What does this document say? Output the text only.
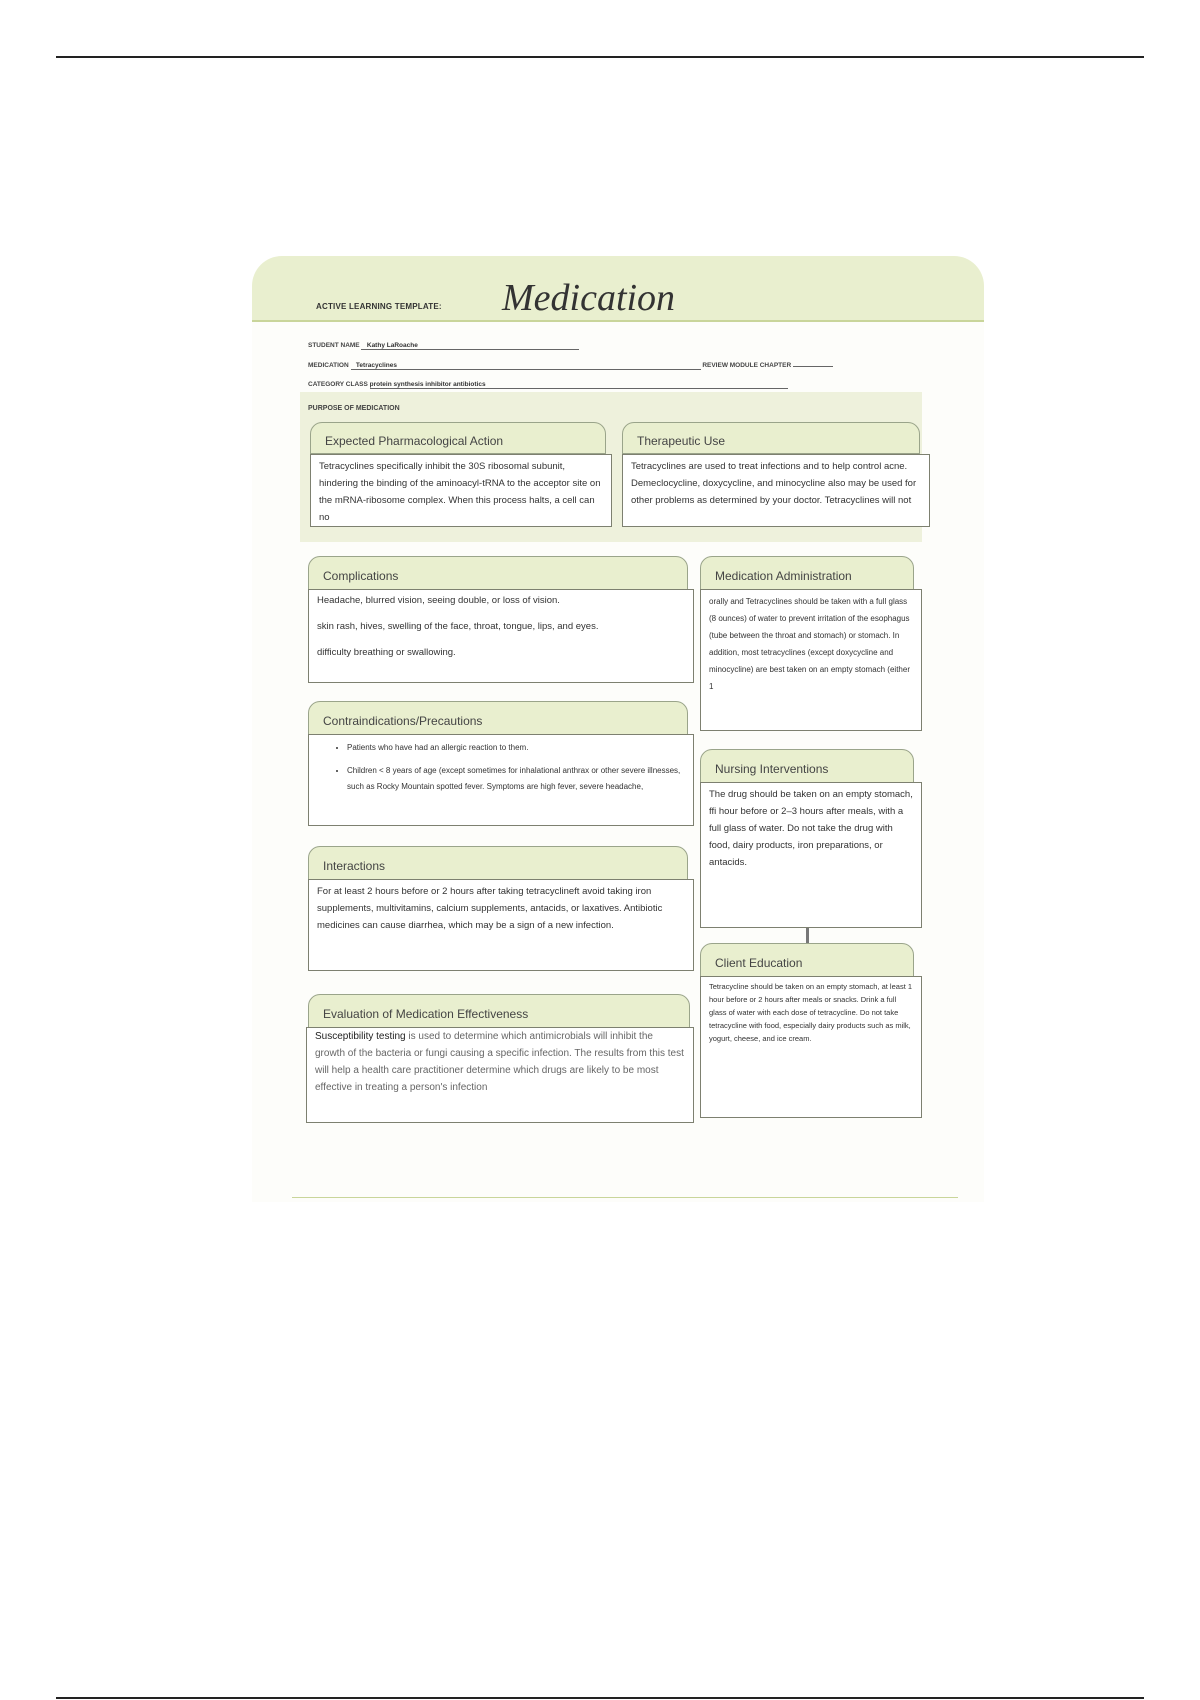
ACTIVE LEARNING TEMPLATE: Medication
STUDENT NAME Kathy LaRoache
MEDICATION Tetracyclines	REVIEW MODULE CHAPTER
CATEGORY CLASS protein synthesis inhibitor antibiotics
PURPOSE OF MEDICATION
Expected Pharmacological Action
Tetracyclines specifically inhibit the 30S ribosomal subunit, hindering the binding of the aminoacyl-tRNA to the acceptor site on the mRNA-ribosome complex. When this process halts, a cell can no
Therapeutic Use
Tetracyclines are used to treat infections and to help control acne. Demeclocycline, doxycycline, and minocycline also may be used for other problems as determined by your doctor. Tetracyclines will not
Complications

Headache, blurred vision, seeing double, or loss of vision.

skin rash, hives, swelling of the face, throat, tongue, lips, and eyes.

difficulty breathing or swallowing.

Medication Administration
orally and Tetracyclines should be taken with a full glass (8 ounces) of water to prevent irritation of the esophagus (tube between the throat and stomach) or stomach. In addition, most tetracyclines (except doxycycline and minocycline) are best taken on an empty stomach (either 1
Contraindications/Precautions
• Patients who have had an allergic reaction to them.
• Children < 8 years of age (except sometimes for inhalational anthrax or other severe illnesses, such as Rocky Mountain spotted fever. Symptoms are high fever, severe headache,
Nursing Interventions
The drug should be taken on an empty stomach, ffi hour before or 2–3 hours after meals, with a full glass of water. Do not take the drug with food, dairy products, iron preparations, or antacids.
Interactions
For at least 2 hours before or 2 hours after taking tetracyclineft avoid taking iron supplements, multivitamins, calcium supplements, antacids, or laxatives. Antibiotic medicines can cause diarrhea, which may be a sign of a new infection.
Client Education
Tetracycline should be taken on an empty stomach, at least 1 hour before or 2 hours after meals or snacks. Drink a full glass of water with each dose of tetracycline. Do not take tetracycline with food, especially dairy products such as milk, yogurt, cheese, and ice cream.
Evaluation of Medication Effectiveness
Susceptibility testing is used to determine which antimicrobials will inhibit the growth of the bacteria or fungi causing a specific infection. The results from this test will help a health care practitioner determine which drugs are likely to be most effective in treating a person's infection
